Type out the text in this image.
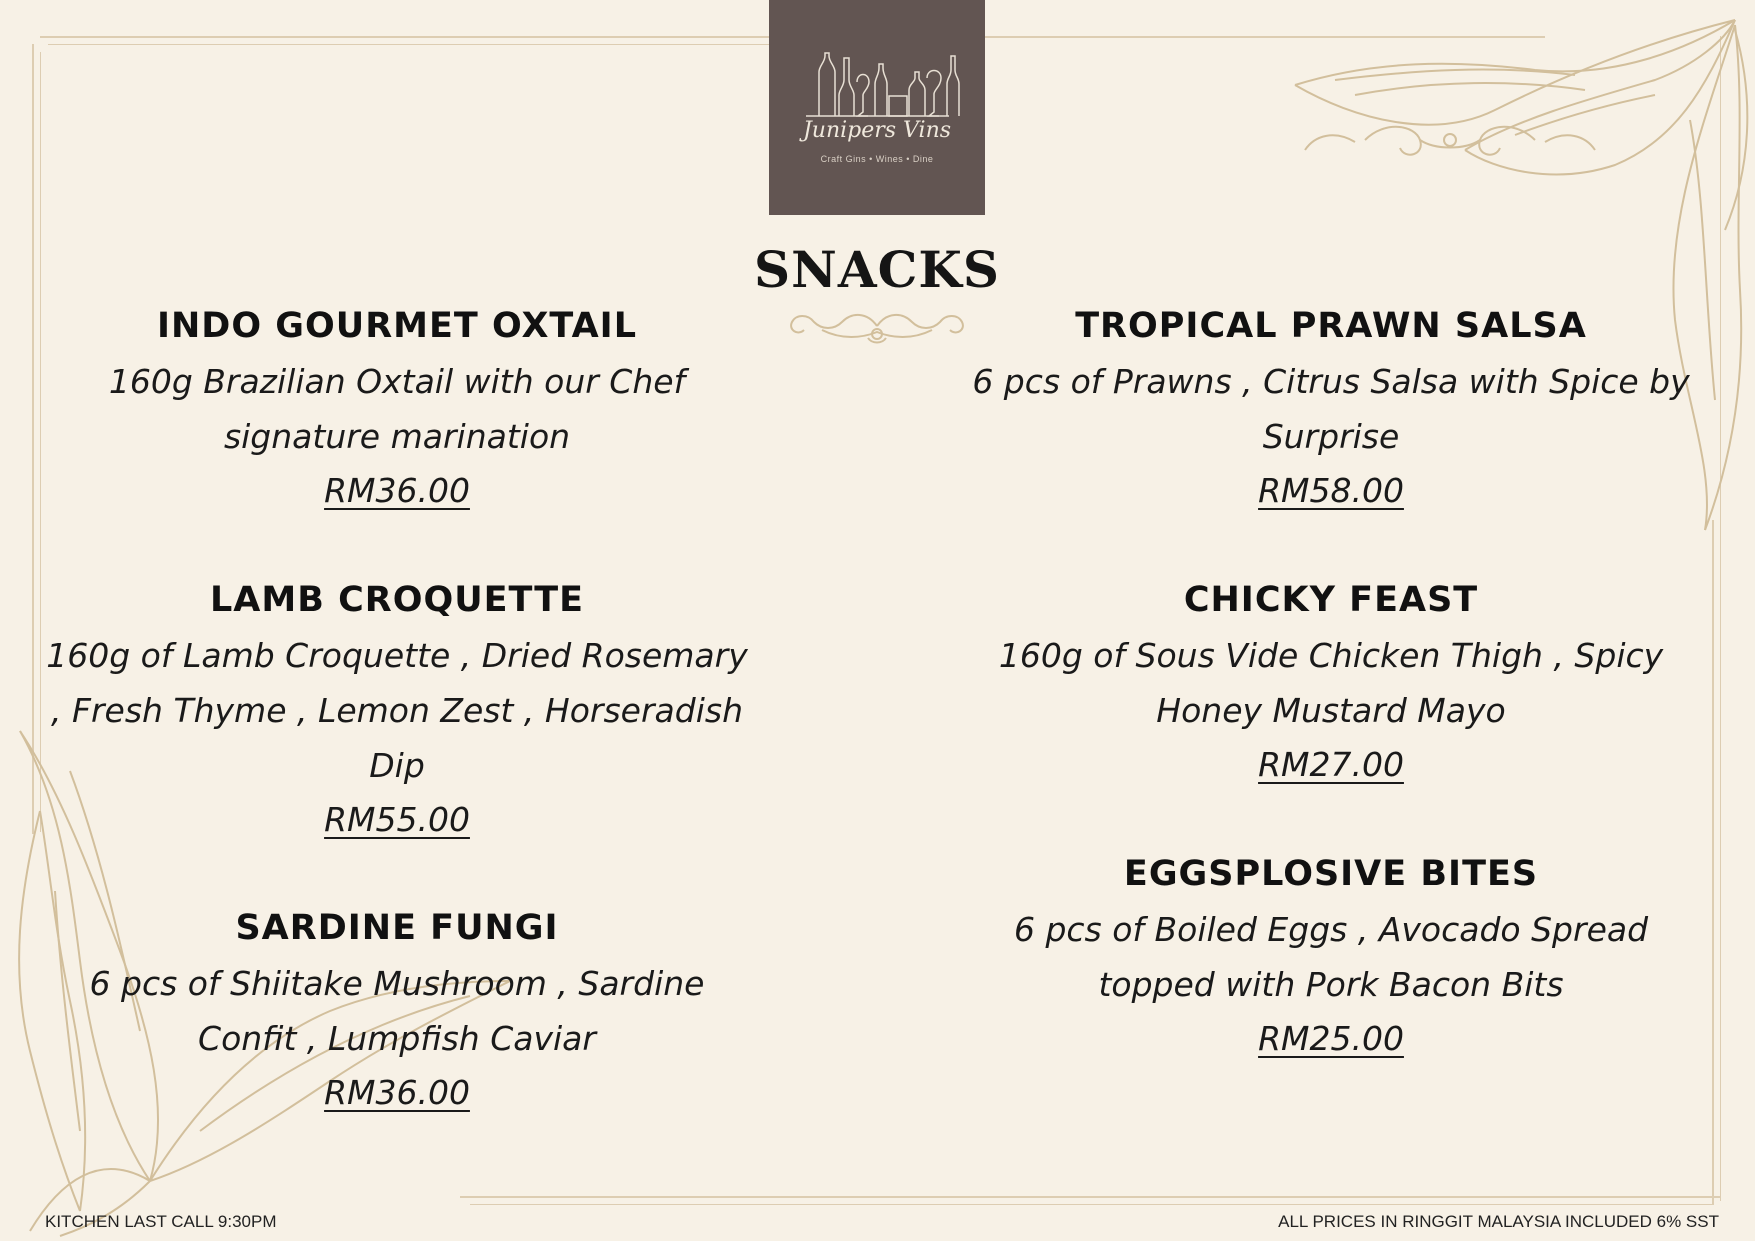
Junipers Vins
Craft Gins • Wines • Dine
SNACKS
INDO GOURMET OXTAIL
160g Brazilian Oxtail with our Chef signature marination
RM36.00
LAMB CROQUETTE
160g of Lamb Croquette , Dried Rosemary , Fresh Thyme , Lemon Zest , Horseradish Dip
RM55.00
SARDINE FUNGI
6 pcs of Shiitake Mushroom , Sardine Confit , Lumpfish Caviar
RM36.00
TROPICAL PRAWN SALSA
6 pcs of Prawns , Citrus Salsa with Spice by Surprise
RM58.00
CHICKY FEAST
160g of Sous Vide Chicken Thigh , Spicy Honey Mustard Mayo
RM27.00
EGGSPLOSIVE BITES
6 pcs of Boiled Eggs , Avocado Spread topped with Pork Bacon Bits
RM25.00
KITCHEN LAST CALL 9:30PM	ALL PRICES IN RINGGIT MALAYSIA INCLUDED 6% SST
